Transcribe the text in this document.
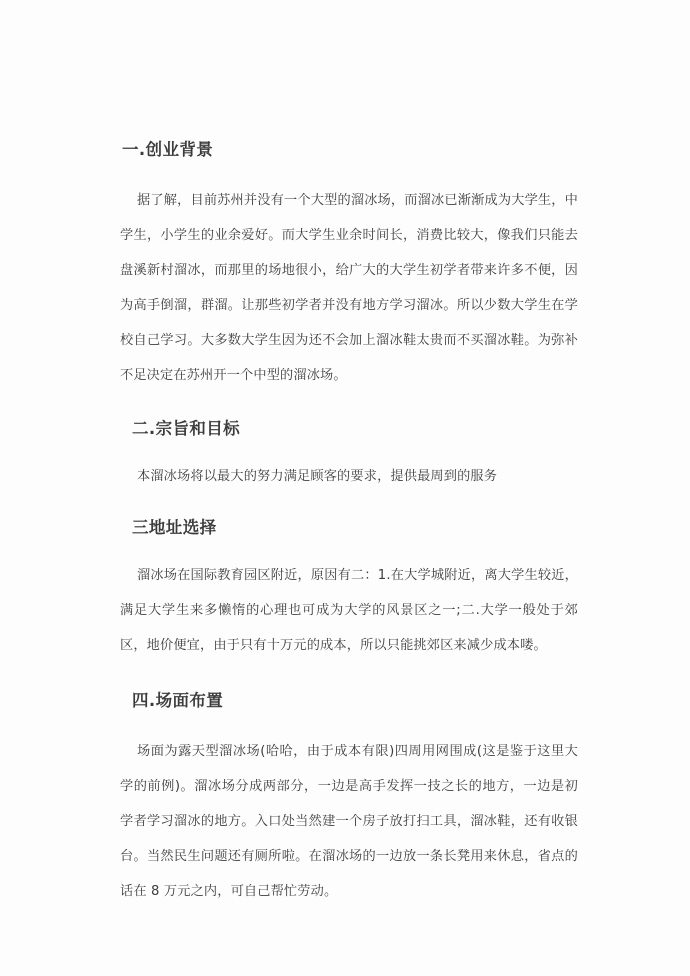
一.创业背景

据了解，目前苏州并没有一个大型的溜冰场，而溜冰已渐渐成为大学生，中学生，小学生的业余爱好。而大学生业余时间长，消费比较大，像我们只能去盘溪新村溜冰，而那里的场地很小，给广大的大学生初学者带来许多不便，因为高手倒溜，群溜。让那些初学者并没有地方学习溜冰。所以少数大学生在学校自己学习。大多数大学生因为还不会加上溜冰鞋太贵而不买溜冰鞋。为弥补不足决定在苏州开一个中型的溜冰场。

二.宗旨和目标

本溜冰场将以最大的努力满足顾客的要求，提供最周到的服务

三地址选择

溜冰场在国际教育园区附近，原因有二：1.在大学城附近，离大学生较近，满足大学生来多懒惰的心理也可成为大学的风景区之一;二.大学一般处于郊区，地价便宜，由于只有十万元的成本，所以只能挑郊区来减少成本喽。

四.场面布置

场面为露天型溜冰场(哈哈，由于成本有限)四周用网围成(这是鉴于这里大学的前例)。溜冰场分成两部分，一边是高手发挥一技之长的地方，一边是初学者学习溜冰的地方。入口处当然建一个房子放打扫工具，溜冰鞋，还有收银台。当然民生问题还有厕所啦。在溜冰场的一边放一条长凳用来休息，省点的话在 8 万元之内，可自己帮忙劳动。
